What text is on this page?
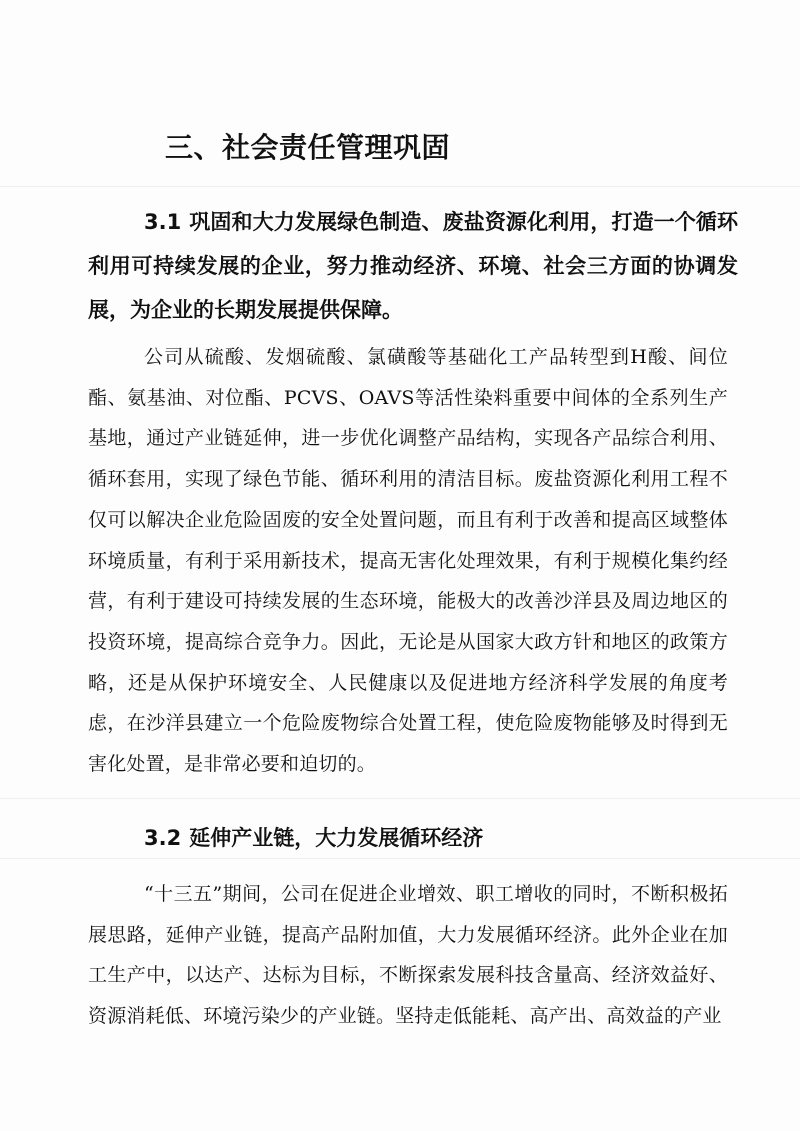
三、社会责任管理巩固
3.1 巩固和大力发展绿色制造、废盐资源化利用，打造一个循环利用可持续发展的企业，努力推动经济、环境、社会三方面的协调发展，为企业的长期发展提供保障。
公司从硫酸、发烟硫酸、氯磺酸等基础化工产品转型到H酸、间位酯、氨基油、对位酯、PCVS、OAVS等活性染料重要中间体的全系列生产基地，通过产业链延伸，进一步优化调整产品结构，实现各产品综合利用、循环套用，实现了绿色节能、循环利用的清洁目标。废盐资源化利用工程不仅可以解决企业危险固废的安全处置问题，而且有利于改善和提高区域整体环境质量，有利于采用新技术，提高无害化处理效果，有利于规模化集约经营，有利于建设可持续发展的生态环境，能极大的改善沙洋县及周边地区的投资环境，提高综合竞争力。因此，无论是从国家大政方针和地区的政策方略，还是从保护环境安全、人民健康以及促进地方经济科学发展的角度考虑，在沙洋县建立一个危险废物综合处置工程，使危险废物能够及时得到无害化处置，是非常必要和迫切的。
3.2 延伸产业链，大力发展循环经济
“十三五”期间，公司在促进企业增效、职工增收的同时，不断积极拓展思路，延伸产业链，提高产品附加值，大力发展循环经济。此外企业在加工生产中，以达产、达标为目标，不断探索发展科技含量高、经济效益好、资源消耗低、环境污染少的产业链。坚持走低能耗、高产出、高效益的产业
